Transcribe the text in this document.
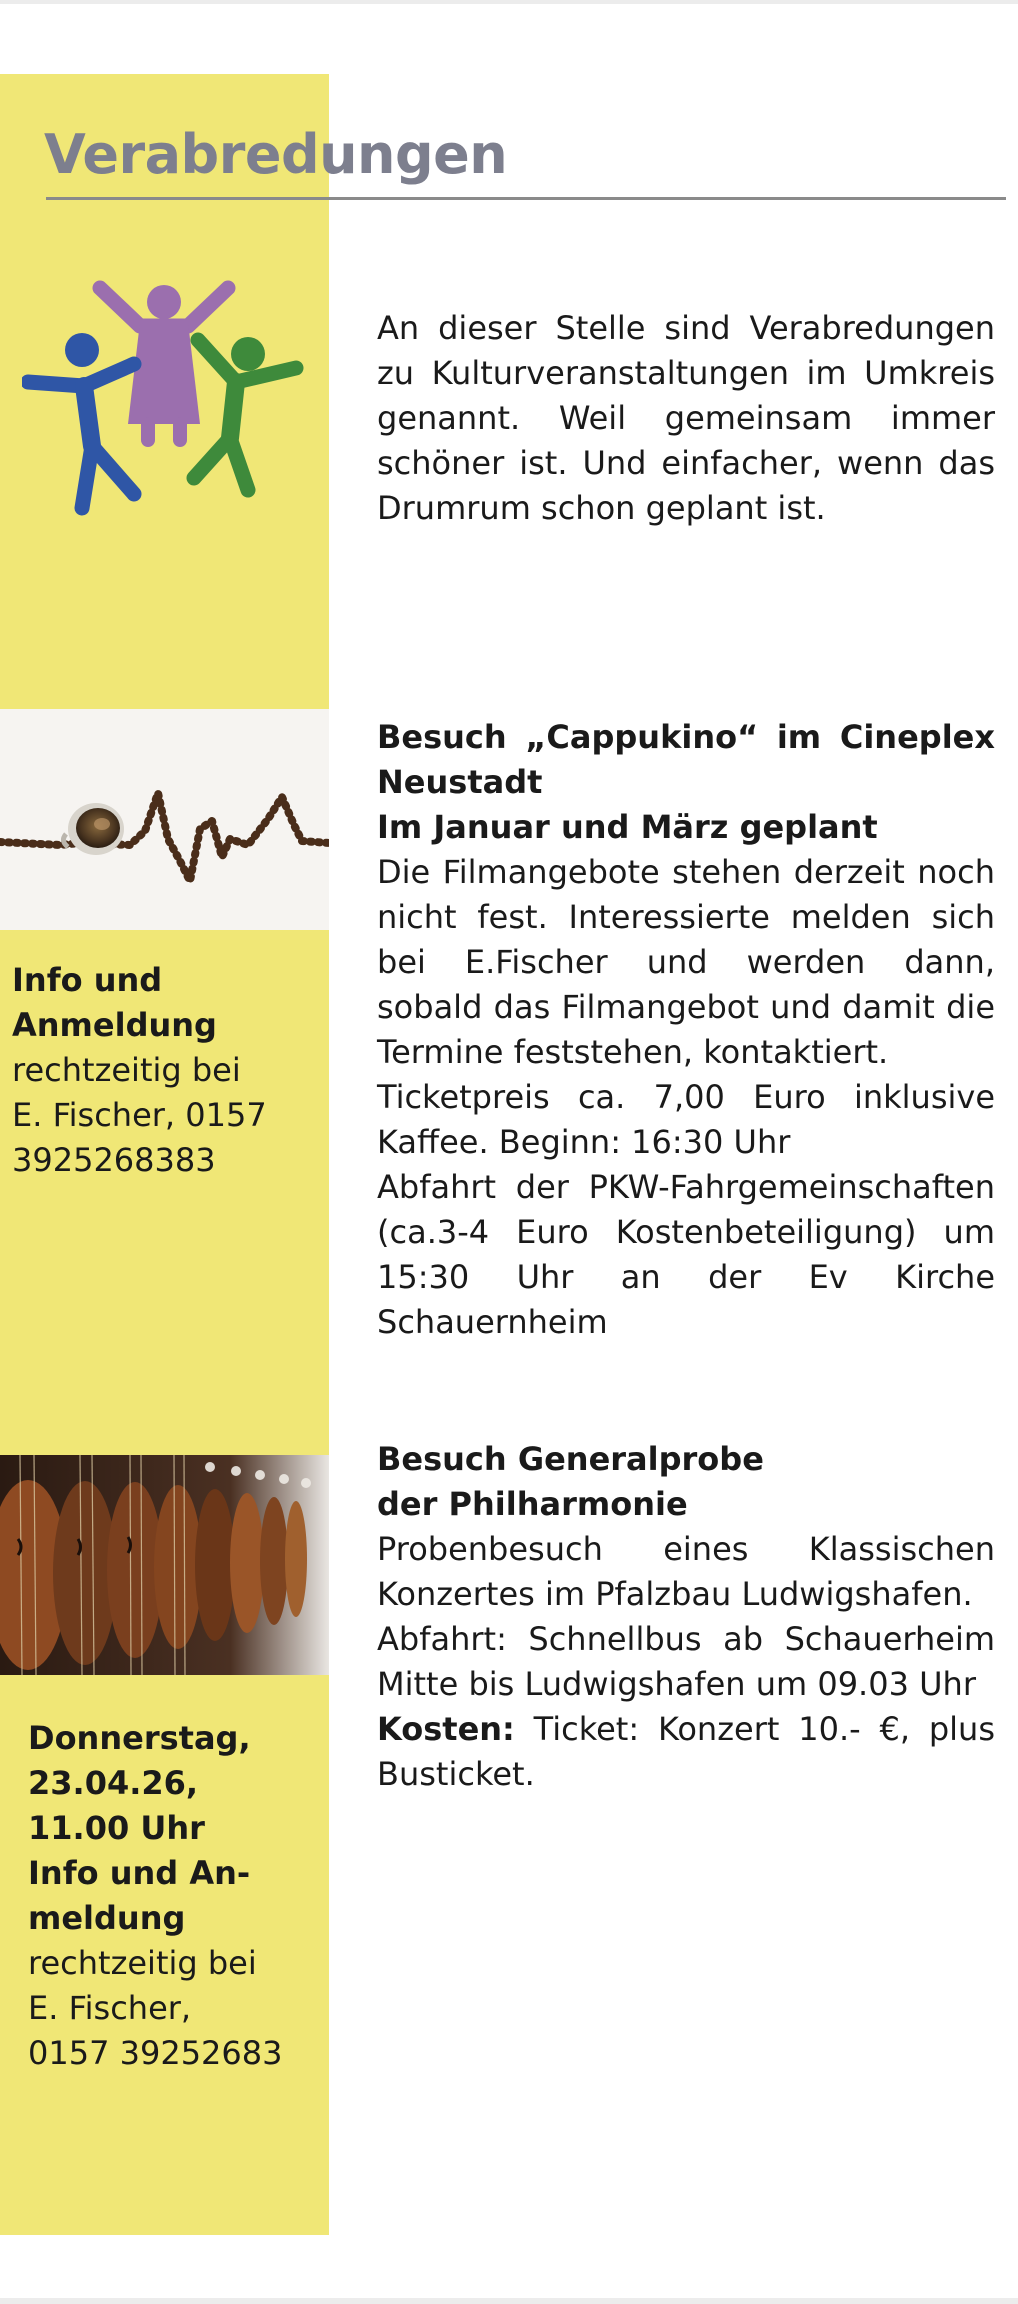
Verabredungen

An dieser Stelle sind Verabredungen zu Kulturveranstaltungen im Umkreis genannt. Weil gemeinsam immer schöner ist. Und einfacher, wenn das Drumrum schon geplant ist.

Besuch „Cappukino“ im Cineplex Neustadt

Im Januar und März geplant

Die Filmangebote stehen derzeit noch nicht fest. Interessierte melden sich bei E.Fischer und werden dann, sobald das Filmangebot und damit die Termine feststehen, kontaktiert.

Ticketpreis ca. 7,00 Euro inklusive Kaffee. Beginn: 16:30 Uhr

Abfahrt der PKW-Fahrgemeinschaften (ca.3-4 Euro Kostenbeteiligung) um 15:30 Uhr an der Ev Kirche Schauernheim

Info und
Anmeldung
rechtzeitig bei
E. Fischer, 0157
3925268383

Besuch Generalprobe

der Philharmonie

Probenbesuch eines Klassischen Konzertes im Pfalzbau Ludwigshafen.

Abfahrt: Schnellbus ab Schauerheim Mitte bis Ludwigshafen um 09.03 Uhr

Kosten: Ticket: Konzert 10.- €, plus Busticket.

Donnerstag,
23.04.26,
11.00 Uhr
Info und An-
meldung
rechtzeitig bei
E. Fischer,
0157 39252683
